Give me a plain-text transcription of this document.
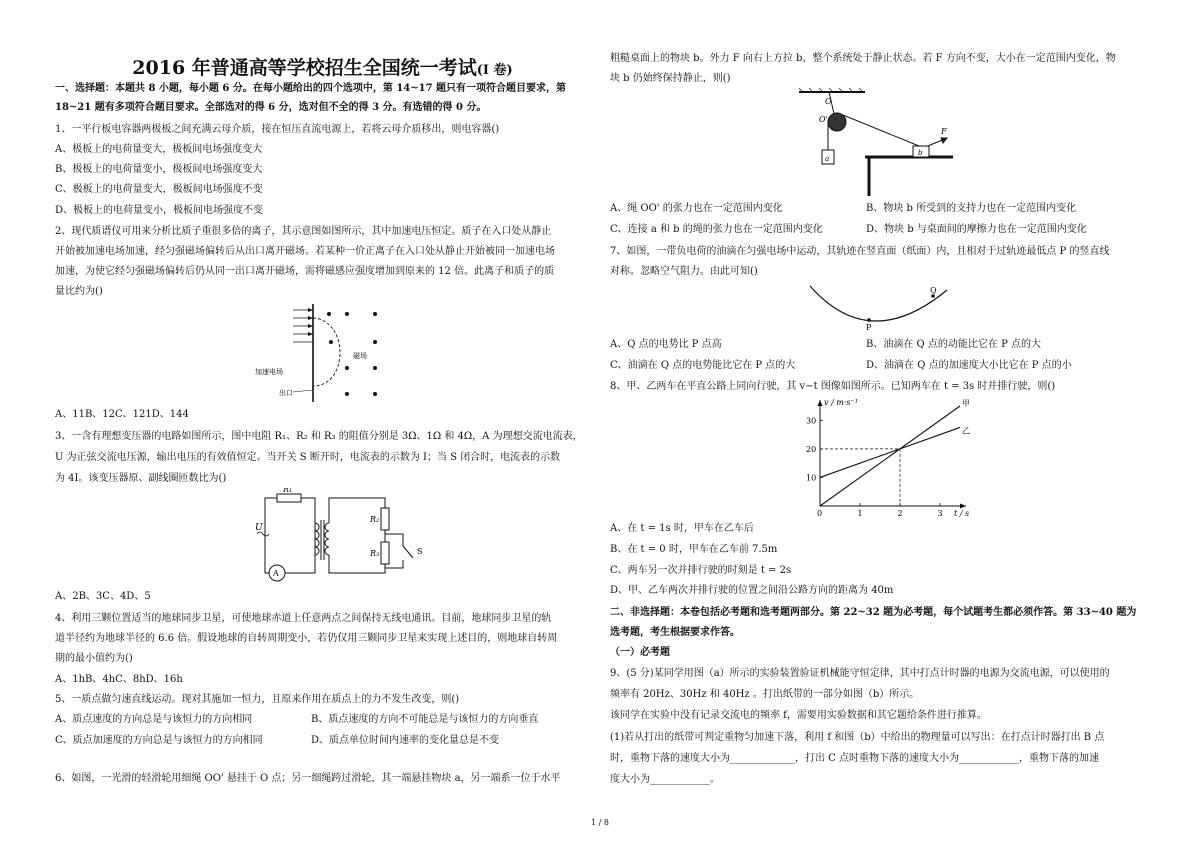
2016 年普通高等学校招生全国统一考试(I 卷)
一、选择题：本题共 8 小题，每小题 6 分。在每小题给出的四个选项中，第 14~17 题只有一项符合题目要求，第
18~21 题有多项符合题目要求。全部选对的得 6 分，选对但不全的得 3 分。有选错的得 0 分。
1、一平行板电容器两极板之间充满云母介质，接在恒压直流电源上，若将云母介质移出，则电容器()
A、极板上的电荷量变大，极板间电场强度变大
B、极板上的电荷量变小，极板间电场强度变大
C、极板上的电荷量变大，极板间电场强度不变
D、极板上的电荷量变小，极板间电场强度不变
2、现代质谱仪可用来分析比质子重很多倍的离子，其示意图如图所示，其中加速电压恒定。质子在入口处从静止
开始被加速电场加速，经匀强磁场偏转后从出口离开磁场。若某种一价正离子在入口处从静止开始被同一加速电场
加速，为使它经匀强磁场偏转后仍从同一出口离开磁场，需将磁感应强度增加到原来的 12 倍。此离子和质子的质
量比约为()
加速电场
磁场
出口
A、11B、12C、121D、144
3、一含有理想变压器的电路如图所示，图中电阻 R₁、R₂ 和 R₃ 的阻值分别是 3Ω、1Ω 和 4Ω，A 为理想交流电流表，
U 为正弦交流电压源，输出电压的有效值恒定。当开关 S 断开时，电流表的示数为 I；当 S 闭合时，电流表的示数
为 4I。该变压器原、副线圈匝数比为()
R₁
R₂
R₃
U
A
S
A、2B、3C、4D、5
4、利用三颗位置适当的地球同步卫星，可使地球赤道上任意两点之间保持无线电通讯。目前，地球同步卫星的轨
道半径约为地球半径的 6.6 倍。假设地球的自转周期变小，若仍仅用三颗同步卫星来实现上述目的，则地球自转周
期的最小值约为()
A、1hB、4hC、8hD、16h
5、一质点做匀速直线运动。现对其施加一恒力，且原来作用在质点上的力不发生改变，则()
A、质点速度的方向总是与该恒力的方向相同	B、质点速度的方向不可能总是与该恒力的方向垂直
C、质点加速度的方向总是与该恒力的方向相同	D、质点单位时间内速率的变化量总是不变
6、如图，一光滑的轻滑轮用细绳 OO' 悬挂于 O 点；另一细绳跨过滑轮，其一端悬挂物块 a，另一端系一位于水平
粗糙桌面上的物块 b。外力 F 向右上方拉 b，整个系统处于静止状态。若 F 方向不变，大小在一定范围内变化，物
块 b 仍始终保持静止，则()
O
O'
a
b
F
A、绳 OO' 的张力也在一定范围内变化	B、物块 b 所受到的支持力也在一定范围内变化
C、连接 a 和 b 的绳的张力也在一定范围内变化	D、物块 b 与桌面间的摩擦力也在一定范围内变化
7、如图，一带负电荷的油滴在匀强电场中运动，其轨迹在竖直面（纸面）内，且相对于过轨迹最低点 P 的竖直线
对称。忽略空气阻力。由此可知()
P
Q
A、Q 点的电势比 P 点高	B、油滴在 Q 点的动能比它在 P 点的大
C、油滴在 Q 点的电势能比它在 P 点的大	D、油滴在 Q 点的加速度大小比它在 P 点的小
8、甲、乙两车在平直公路上同向行驶，其 v−t 图像如图所示。已知两车在 t = 3s 时并排行驶，则()
0	1	2	3
10
20
30
t / s
v / m·s⁻¹	甲
乙
A、在 t = 1s 时，甲车在乙车后
B、在 t = 0 时，甲车在乙车前 7.5m
C、两车另一次并排行驶的时刻是 t = 2s
D、甲、乙车两次并排行驶的位置之间沿公路方向的距离为 40m
二、非选择题：本卷包括必考题和选考题两部分。第 22~32 题为必考题，每个试题考生都必须作答。第 33~40 题为
选考题，考生根据要求作答。
（一）必考题
9、(5 分)某同学用图（a）所示的实验装置验证机械能守恒定律，其中打点计时器的电源为交流电源，可以使用的
频率有 20Hz、30Hz 和 40Hz 。打出纸带的一部分如图（b）所示。
该同学在实验中没有记录交流电的频率 f，需要用实验数据和其它题给条件进行推算。
(1)若从打出的纸带可判定重物匀加速下落，利用 f 和图（b）中给出的物理量可以写出：在打点计时器打出 B 点
时，重物下落的速度大小为_____________，打出 C 点时重物下落的速度大小为____________，重物下落的加速
度大小为____________。
1 / 8
